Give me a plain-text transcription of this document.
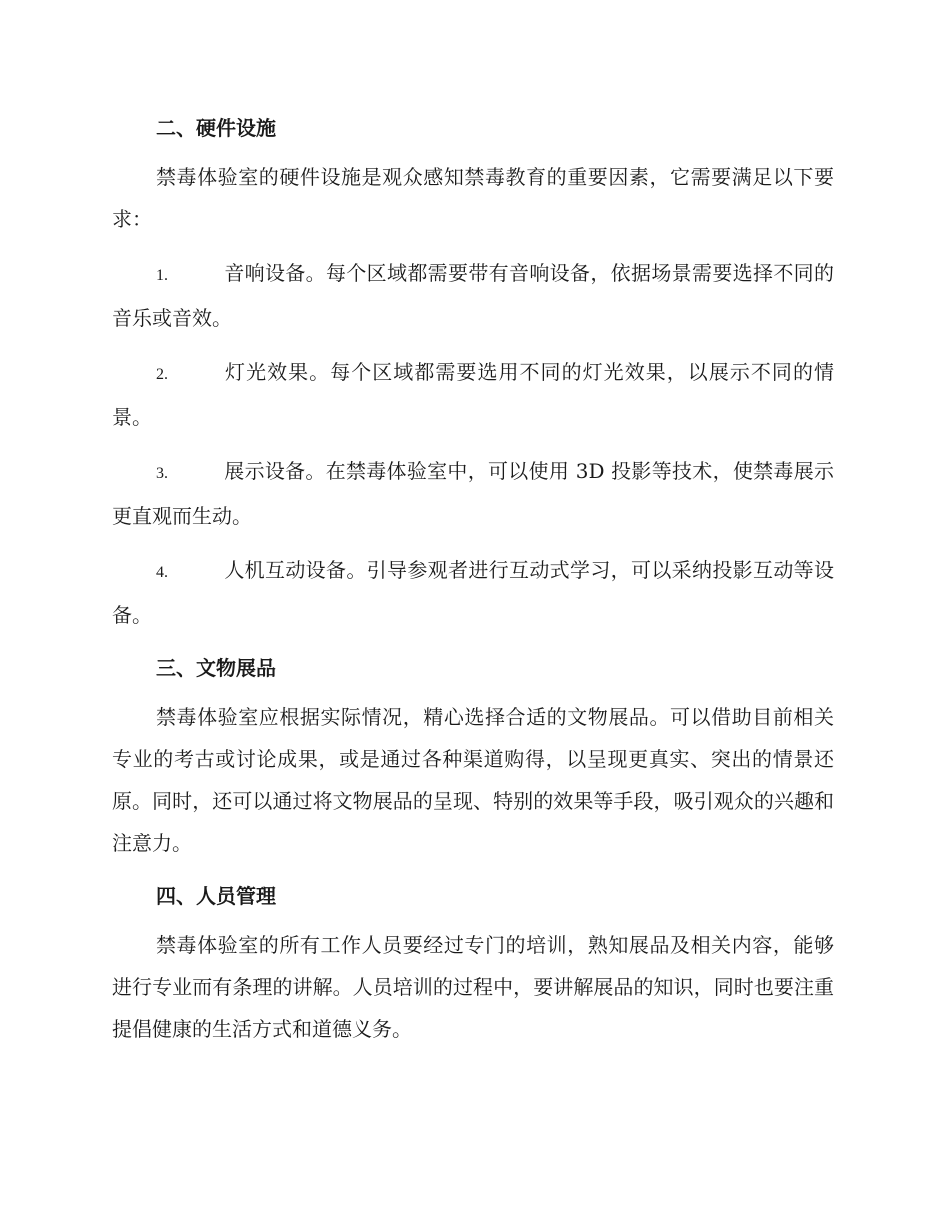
二、硬件设施

禁毒体验室的硬件设施是观众感知禁毒教育的重要因素，它需要满足以下要求：

1.	音响设备。每个区域都需要带有音响设备，依据场景需要选择不同的音乐或音效。

2.	灯光效果。每个区域都需要选用不同的灯光效果，以展示不同的情景。

3.	展示设备。在禁毒体验室中，可以使用 3D 投影等技术，使禁毒展示更直观而生动。

4.	人机互动设备。引导参观者进行互动式学习，可以采纳投影互动等设备。

三、文物展品

禁毒体验室应根据实际情况，精心选择合适的文物展品。可以借助目前相关专业的考古或讨论成果，或是通过各种渠道购得，以呈现更真实、突出的情景还原。同时，还可以通过将文物展品的呈现、特别的效果等手段，吸引观众的兴趣和注意力。

四、人员管理

禁毒体验室的所有工作人员要经过专门的培训，熟知展品及相关内容，能够进行专业而有条理的讲解。人员培训的过程中，要讲解展品的知识，同时也要注重提倡健康的生活方式和道德义务。
